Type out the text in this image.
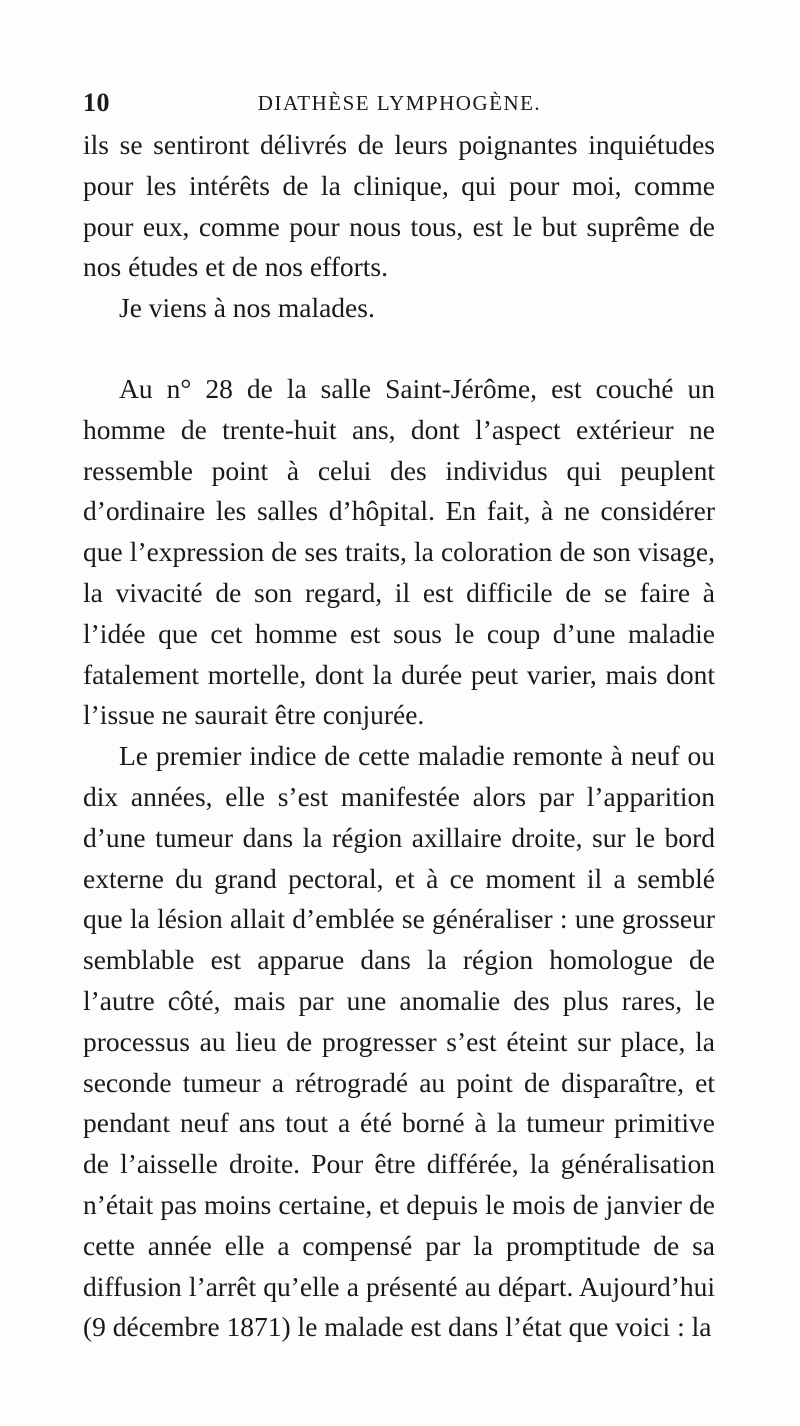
10	DIATHÈSE LYMPHOGÈNE.

ils se sentiront délivrés de leurs poignantes inquiétudes pour les intérêts de la clinique, qui pour moi, comme pour eux, comme pour nous tous, est le but suprême de nos études et de nos efforts.

Je viens à nos malades.

Au n° 28 de la salle Saint-Jérôme, est couché un homme de trente-huit ans, dont l’aspect extérieur ne ressemble point à celui des individus qui peuplent d’ordinaire les salles d’hôpital. En fait, à ne considérer que l’expression de ses traits, la coloration de son visage, la vivacité de son regard, il est difficile de se faire à l’idée que cet homme est sous le coup d’une maladie fatalement mortelle, dont la durée peut varier, mais dont l’issue ne saurait être conjurée.

Le premier indice de cette maladie remonte à neuf ou dix années, elle s’est manifestée alors par l’apparition d’une tumeur dans la région axillaire droite, sur le bord externe du grand pectoral, et à ce moment il a semblé que la lésion allait d’emblée se généraliser : une grosseur semblable est apparue dans la région homologue de l’autre côté, mais par une anomalie des plus rares, le processus au lieu de progresser s’est éteint sur place, la seconde tumeur a rétrogradé au point de disparaître, et pendant neuf ans tout a été borné à la tumeur primitive de l’aisselle droite. Pour être différée, la généralisation n’était pas moins certaine, et depuis le mois de janvier de cette année elle a compensé par la promptitude de sa diffusion l’arrêt qu’elle a présenté au départ. Aujourd’hui (9 décembre 1871) le malade est dans l’état que voici : la
